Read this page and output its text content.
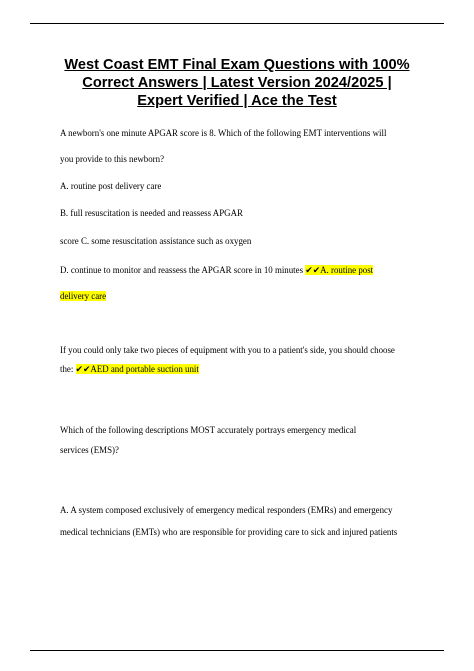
West Coast EMT Final Exam Questions with 100%
Correct Answers | Latest Version 2024/2025 |
Expert Verified | Ace the Test

A newborn's one minute APGAR score is 8. Which of the following EMT interventions will

you provide to this newborn?

A. routine post delivery care

B. full resuscitation is needed and reassess APGAR

score C. some resuscitation assistance such as oxygen

D. continue to monitor and reassess the APGAR score in 10 minutes ✔✔A. routine post

delivery care

If you could only take two pieces of equipment with you to a patient's side, you should choose

the: ✔✔AED and portable suction unit

Which of the following descriptions MOST accurately portrays emergency medical

services (EMS)?

A. A system composed exclusively of emergency medical responders (EMRs) and emergency

medical technicians (EMTs) who are responsible for providing care to sick and injured patients
